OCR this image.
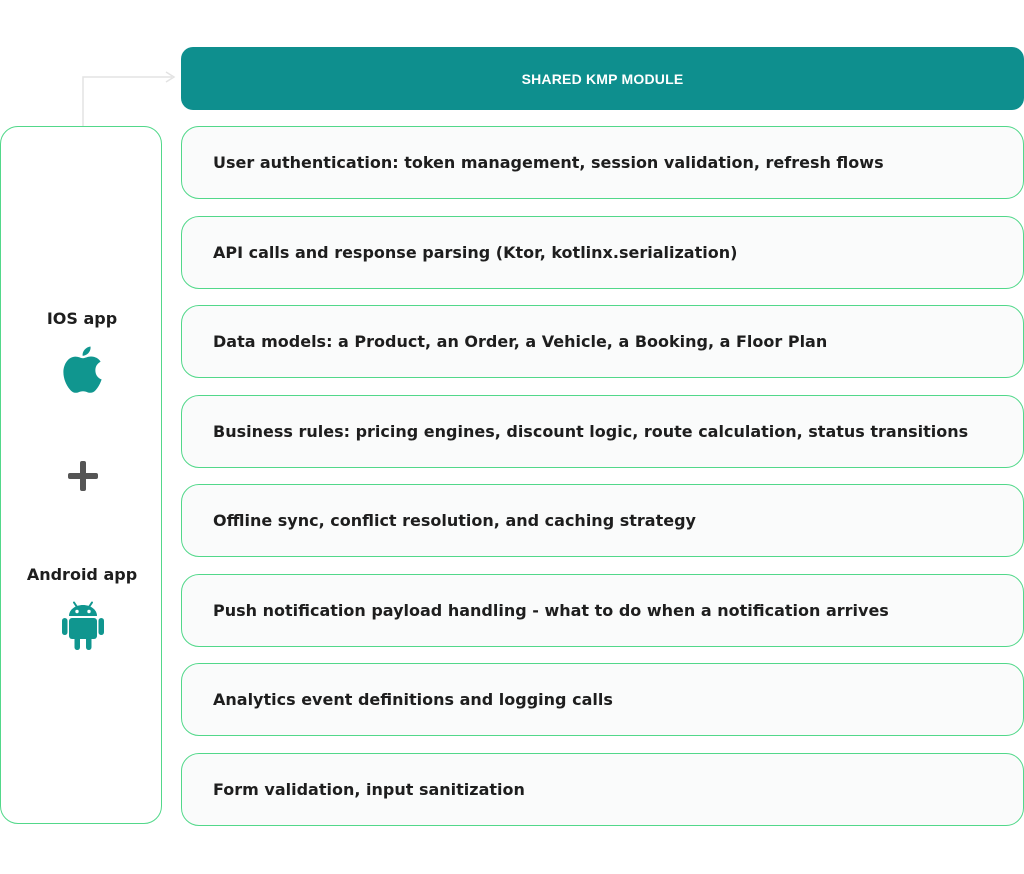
SHARED KMP MODULE
IOS app
Android app
User authentication: token management, session validation, refresh flows
API calls and response parsing (Ktor, kotlinx.serialization)
Data models: a Product, an Order, a Vehicle, a Booking, a Floor Plan
Business rules: pricing engines, discount logic, route calculation, status transitions
Offline sync, conflict resolution, and caching strategy
Push notification payload handling - what to do when a notification arrives
Analytics event definitions and logging calls
Form validation, input sanitization
